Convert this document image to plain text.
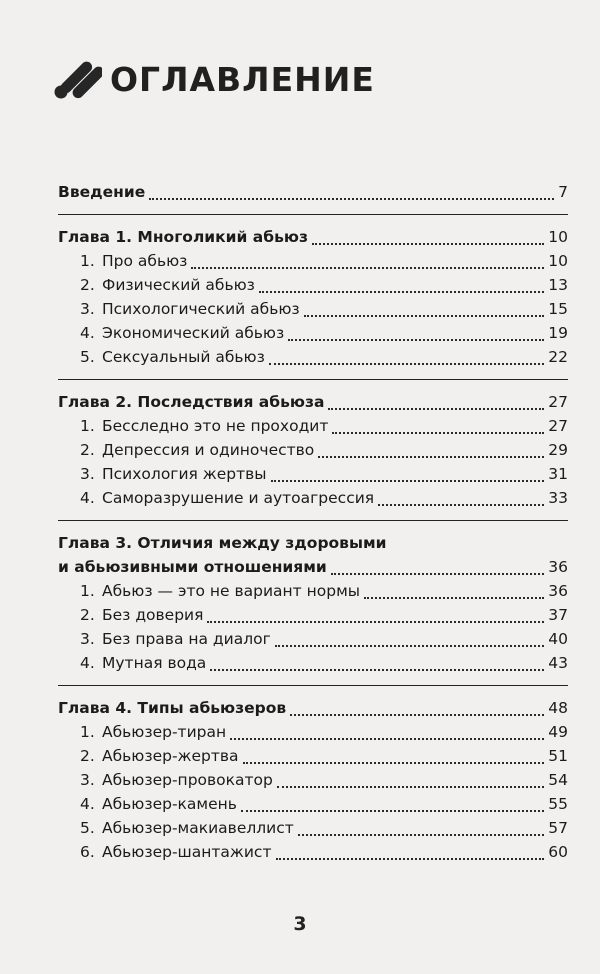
ОГЛАВЛЕНИЕ
Введение	7
Глава 1. Многоликий абьюз	10
1. Про абьюз	10
2. Физический абьюз	13
3. Психологический абьюз	15
4. Экономический абьюз	19
5. Сексуальный абьюз	22
Глава 2. Последствия абьюза	27
1. Бесследно это не проходит	27
2. Депрессия и одиночество	29
3. Психология жертвы	31
4. Саморазрушение и аутоагрессия	33
Глава 3. Отличия между здоровыми
и абьюзивными отношениями	36
1. Абьюз — это не вариант нормы	36
2. Без доверия	37
3. Без права на диалог	40
4. Мутная вода	43
Глава 4. Типы абьюзеров	48
1. Абьюзер-тиран	49
2. Абьюзер-жертва	51
3. Абьюзер-провокатор	54
4. Абьюзер-камень	55
5. Абьюзер-макиавеллист	57
6. Абьюзер-шантажист	60
3
